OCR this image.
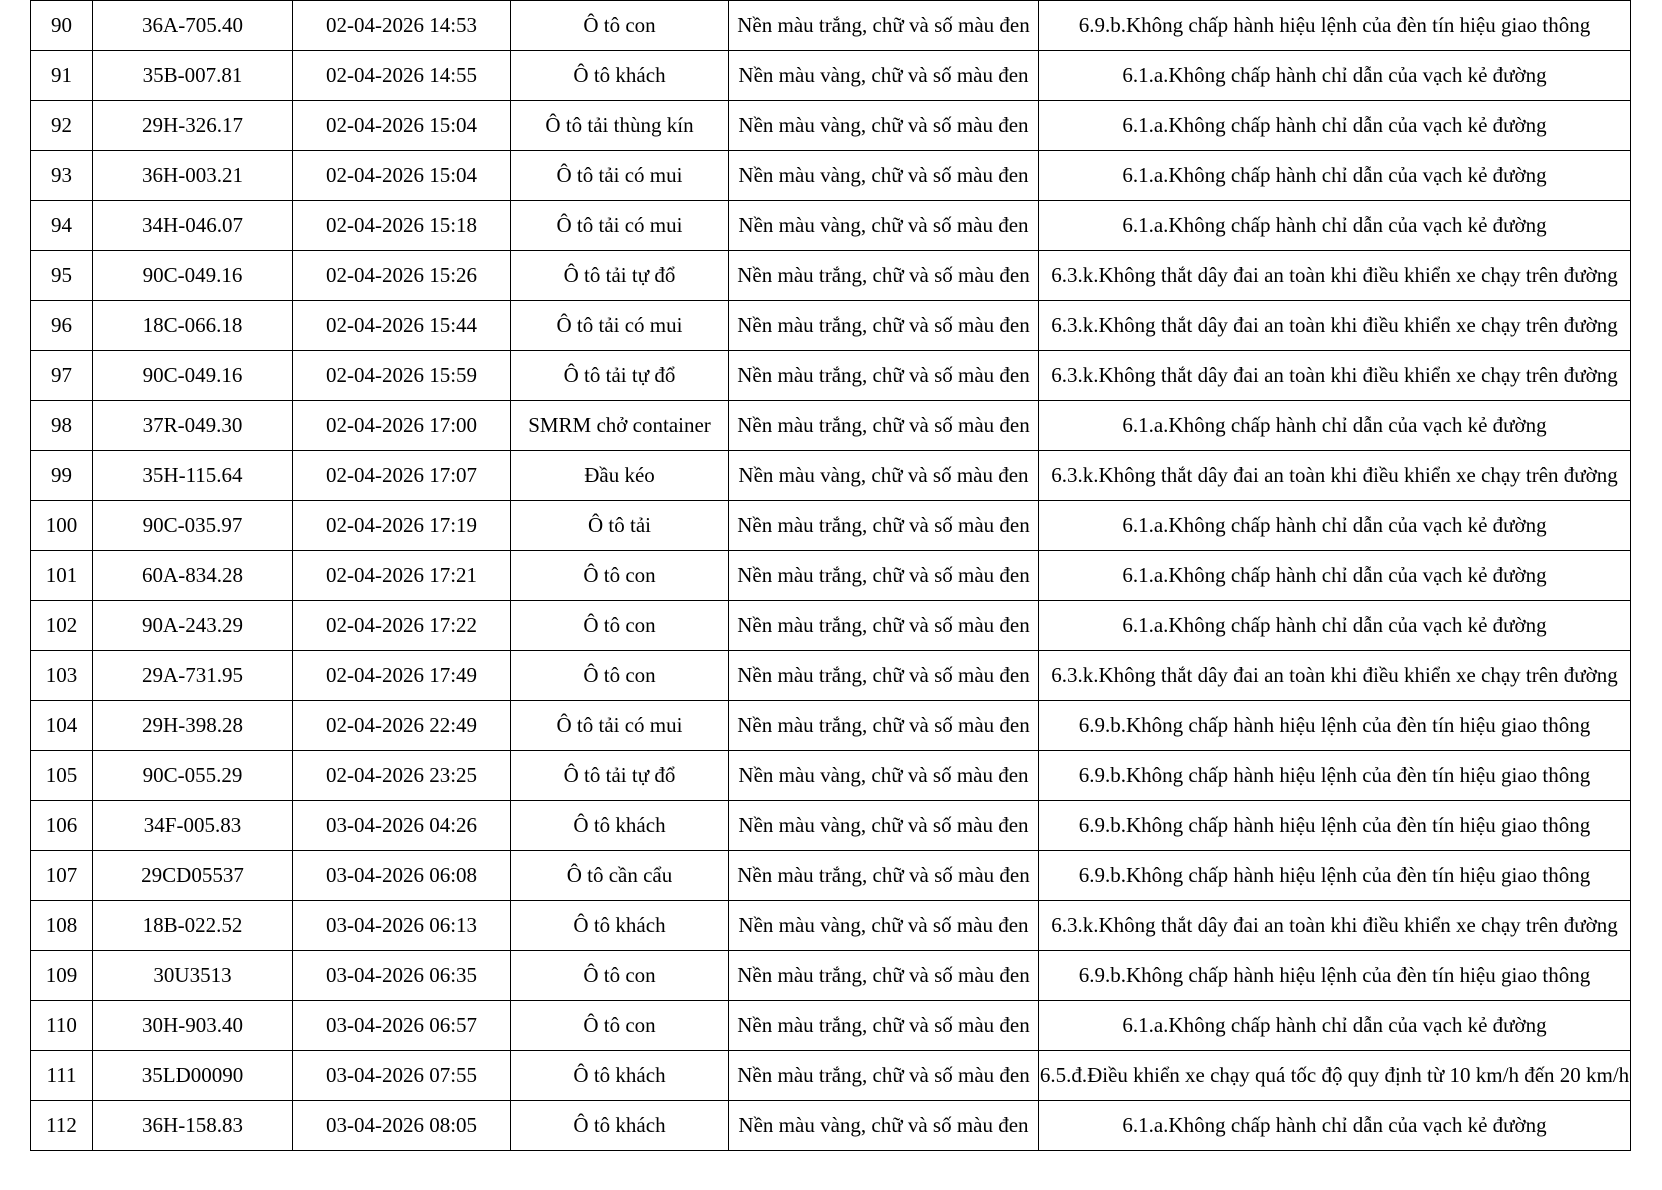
90	36A-705.40	02-04-2026 14:53	Ô tô con	Nền màu trắng, chữ và số màu đen	6.9.b.Không chấp hành hiệu lệnh của đèn tín hiệu giao thông
91	35B-007.81	02-04-2026 14:55	Ô tô khách	Nền màu vàng, chữ và số màu đen	6.1.a.Không chấp hành chỉ dẫn của vạch kẻ đường
92	29H-326.17	02-04-2026 15:04	Ô tô tải thùng kín	Nền màu vàng, chữ và số màu đen	6.1.a.Không chấp hành chỉ dẫn của vạch kẻ đường
93	36H-003.21	02-04-2026 15:04	Ô tô tải có mui	Nền màu vàng, chữ và số màu đen	6.1.a.Không chấp hành chỉ dẫn của vạch kẻ đường
94	34H-046.07	02-04-2026 15:18	Ô tô tải có mui	Nền màu vàng, chữ và số màu đen	6.1.a.Không chấp hành chỉ dẫn của vạch kẻ đường
95	90C-049.16	02-04-2026 15:26	Ô tô tải tự đổ	Nền màu trắng, chữ và số màu đen	6.3.k.Không thắt dây đai an toàn khi điều khiển xe chạy trên đường
96	18C-066.18	02-04-2026 15:44	Ô tô tải có mui	Nền màu trắng, chữ và số màu đen	6.3.k.Không thắt dây đai an toàn khi điều khiển xe chạy trên đường
97	90C-049.16	02-04-2026 15:59	Ô tô tải tự đổ	Nền màu trắng, chữ và số màu đen	6.3.k.Không thắt dây đai an toàn khi điều khiển xe chạy trên đường
98	37R-049.30	02-04-2026 17:00	SMRM chở container	Nền màu trắng, chữ và số màu đen	6.1.a.Không chấp hành chỉ dẫn của vạch kẻ đường
99	35H-115.64	02-04-2026 17:07	Đầu kéo	Nền màu vàng, chữ và số màu đen	6.3.k.Không thắt dây đai an toàn khi điều khiển xe chạy trên đường
100	90C-035.97	02-04-2026 17:19	Ô tô tải	Nền màu trắng, chữ và số màu đen	6.1.a.Không chấp hành chỉ dẫn của vạch kẻ đường
101	60A-834.28	02-04-2026 17:21	Ô tô con	Nền màu trắng, chữ và số màu đen	6.1.a.Không chấp hành chỉ dẫn của vạch kẻ đường
102	90A-243.29	02-04-2026 17:22	Ô tô con	Nền màu trắng, chữ và số màu đen	6.1.a.Không chấp hành chỉ dẫn của vạch kẻ đường
103	29A-731.95	02-04-2026 17:49	Ô tô con	Nền màu trắng, chữ và số màu đen	6.3.k.Không thắt dây đai an toàn khi điều khiển xe chạy trên đường
104	29H-398.28	02-04-2026 22:49	Ô tô tải có mui	Nền màu trắng, chữ và số màu đen	6.9.b.Không chấp hành hiệu lệnh của đèn tín hiệu giao thông
105	90C-055.29	02-04-2026 23:25	Ô tô tải tự đổ	Nền màu vàng, chữ và số màu đen	6.9.b.Không chấp hành hiệu lệnh của đèn tín hiệu giao thông
106	34F-005.83	03-04-2026 04:26	Ô tô khách	Nền màu vàng, chữ và số màu đen	6.9.b.Không chấp hành hiệu lệnh của đèn tín hiệu giao thông
107	29CD05537	03-04-2026 06:08	Ô tô cần cẩu	Nền màu trắng, chữ và số màu đen	6.9.b.Không chấp hành hiệu lệnh của đèn tín hiệu giao thông
108	18B-022.52	03-04-2026 06:13	Ô tô khách	Nền màu vàng, chữ và số màu đen	6.3.k.Không thắt dây đai an toàn khi điều khiển xe chạy trên đường
109	30U3513	03-04-2026 06:35	Ô tô con	Nền màu trắng, chữ và số màu đen	6.9.b.Không chấp hành hiệu lệnh của đèn tín hiệu giao thông
110	30H-903.40	03-04-2026 06:57	Ô tô con	Nền màu trắng, chữ và số màu đen	6.1.a.Không chấp hành chỉ dẫn của vạch kẻ đường
111	35LD00090	03-04-2026 07:55	Ô tô khách	Nền màu trắng, chữ và số màu đen	6.5.đ.Điều khiển xe chạy quá tốc độ quy định từ 10 km/h đến 20 km/h
112	36H-158.83	03-04-2026 08:05	Ô tô khách	Nền màu vàng, chữ và số màu đen	6.1.a.Không chấp hành chỉ dẫn của vạch kẻ đường
